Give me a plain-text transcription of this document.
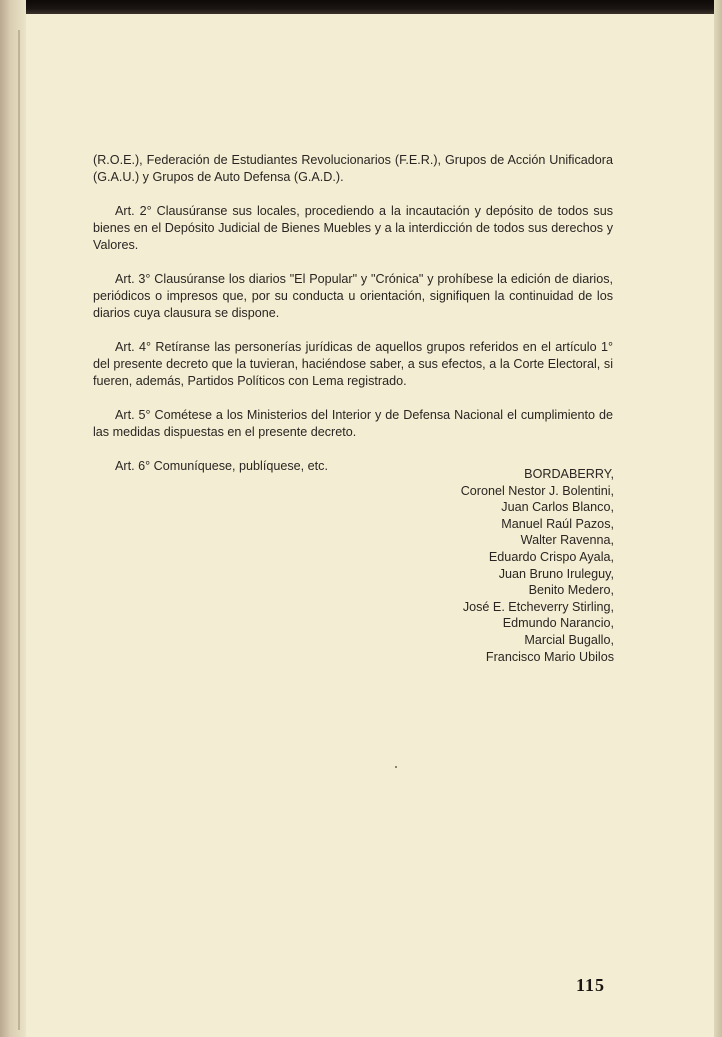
(R.O.E.), Federación de Estudiantes Revolucionarios (F.E.R.), Grupos de Acción Unificadora (G.A.U.) y Grupos de Auto Defensa (G.A.D.).

Art. 2° Clausúranse sus locales, procediendo a la incautación y depósito de todos sus bienes en el Depósito Judicial de Bienes Muebles y a la interdicción de todos sus derechos y Valores.

Art. 3° Clausúranse los diarios "El Popular" y "Crónica" y prohíbese la edición de diarios, periódicos o impresos que, por su conducta u orientación, signifiquen la continuidad de los diarios cuya clausura se dispone.

Art. 4° Retíranse las personerías jurídicas de aquellos grupos referidos en el artículo 1° del presente decreto que la tuvieran, haciéndose saber, a sus efectos, a la Corte Electoral, si fueren, además, Partidos Políticos con Lema registrado.

Art. 5° Cométese a los Ministerios del Interior y de Defensa Nacional el cumplimiento de las medidas dispuestas en el presente decreto.

Art. 6° Comuníquese, publíquese, etc.

BORDABERRY,
Coronel Nestor J. Bolentini,
Juan Carlos Blanco,
Manuel Raúl Pazos,
Walter Ravenna,
Eduardo Crispo Ayala,
Juan Bruno Iruleguy,
Benito Medero,
José E. Etcheverry Stirling,
Edmundo Narancio,
Marcial Bugallo,
Francisco Mario Ubilos
115
